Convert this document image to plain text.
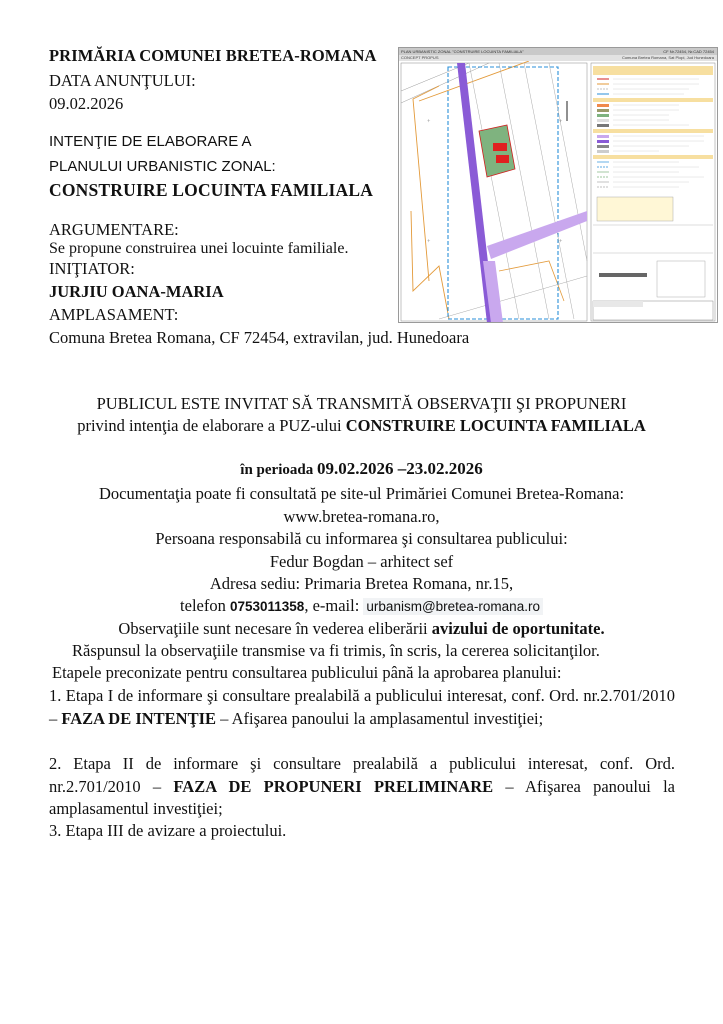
PRIMĂRIA COMUNEI BRETEA-ROMANA
DATA ANUNŢULUI:
09.02.2026
INTENŢIE DE ELABORARE A
PLANULUI URBANISTIC ZONAL:
CONSTRUIRE LOCUINTA FAMILIALA
ARGUMENTARE:
Se propune construirea unei locuinte familiale.
INIŢIATOR:
JURJIU OANA-MARIA
AMPLASAMENT:
Comuna Bretea Romana, CF 72454, extravilan, jud. Hunedoara
PLAN URBANISTIC ZONAL "CONSTRUIRE LOCUINTA FAMILIALA"	CF Nr.72454, Nr.CAD 72454
CONCEPT PROPUS	Comuna Bretea Romana, Sat Plopi, Jud Hunedoara
+
+
+
+
PUBLICUL ESTE INVITAT SĂ TRANSMITĂ OBSERVAŢII ŞI PROPUNERI
privind intenţia de elaborare a PUZ-ului CONSTRUIRE LOCUINTA FAMILIALA
în perioada 09.02.2026 –23.02.2026
Documentaţia poate fi consultată pe site-ul Primăriei Comunei Bretea-Romana:
www.bretea-romana.ro,
Persoana responsabilă cu informarea şi consultarea publicului:
Fedur Bogdan – arhitect sef
Adresa sediu: Primaria Bretea Romana, nr.15,
telefon 0753011358, e-mail: urbanism@bretea-romana.ro
Observaţiile sunt necesare în vederea eliberării avizului de oportunitate.
Răspunsul la observaţiile transmise va fi trimis, în scris, la cererea solicitanţilor.
Etapele preconizate pentru consultarea publicului până la aprobarea planului:
1. Etapa I de informare şi consultare prealabilă a publicului interesat, conf. Ord. nr.2.701/2010 – FAZA DE INTENŢIE – Afişarea panoului la amplasamentul investiţiei;
2. Etapa II de informare şi consultare prealabilă a publicului interesat, conf. Ord. nr.2.701/2010 – FAZA DE PROPUNERI PRELIMINARE – Afişarea panoului la amplasamentul investiţiei;
3. Etapa III de avizare a proiectului.
